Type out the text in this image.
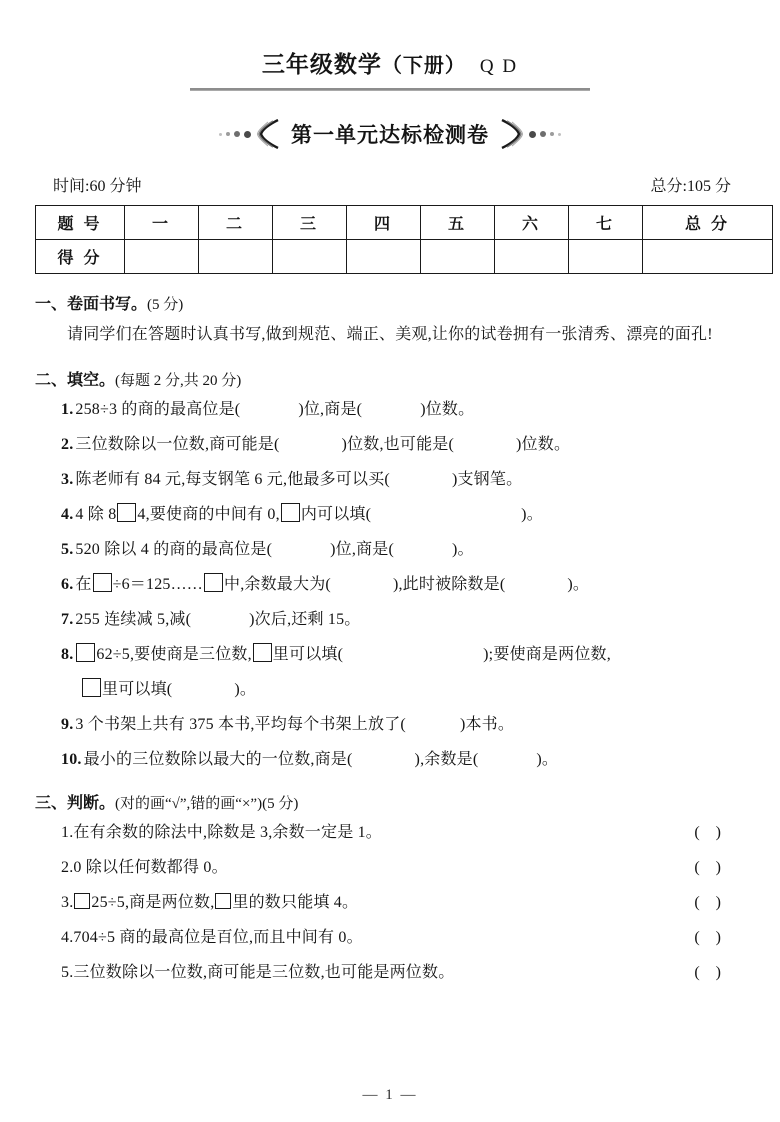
三年级数学（下册） Q D
第一单元达标检测卷
时间:60 分钟	总分:105 分
题 号	一	二	三	四	五	六	七	总 分
得 分								
一、卷面书写。(5 分)
请同学们在答题时认真书写,做到规范、端正、美观,让你的试卷拥有一张清秀、漂亮的面孔!
二、填空。(每题 2 分,共 20 分)
1. 258÷3 的商的最高位是(	)位,商是(	)位数。
2. 三位数除以一位数,商可能是(	)位数,也可能是(	)位数。
3. 陈老师有 84 元,每支钢笔 6 元,他最多可以买(	)支钢笔。
4. 4 除 8 4,要使商的中间有 0, 内可以填(	)。
5. 520 除以 4 的商的最高位是(	)位,商是(	)。
6. 在 ÷6＝125…… 中,余数最大为(	),此时被除数是(	)。
7. 255 连续减 5,减(	)次后,还剩 15。
8. 62÷5,要使商是三位数, 里可以填(	);要使商是两位数,
里可以填(	)。
9. 3 个书架上共有 375 本书,平均每个书架上放了(	)本书。
10. 最小的三位数除以最大的一位数,商是(	),余数是(	)。
三、判断。(对的画“√”,错的画“×”)(5 分)
1.在有余数的除法中,除数是 3,余数一定是 1。	( )
2.0 除以任何数都得 0。	( )
3. 25÷5,商是两位数, 里的数只能填 4。	( )
4.704÷5 商的最高位是百位,而且中间有 0。	( )
5.三位数除以一位数,商可能是三位数,也可能是两位数。	( )
— 1 —
